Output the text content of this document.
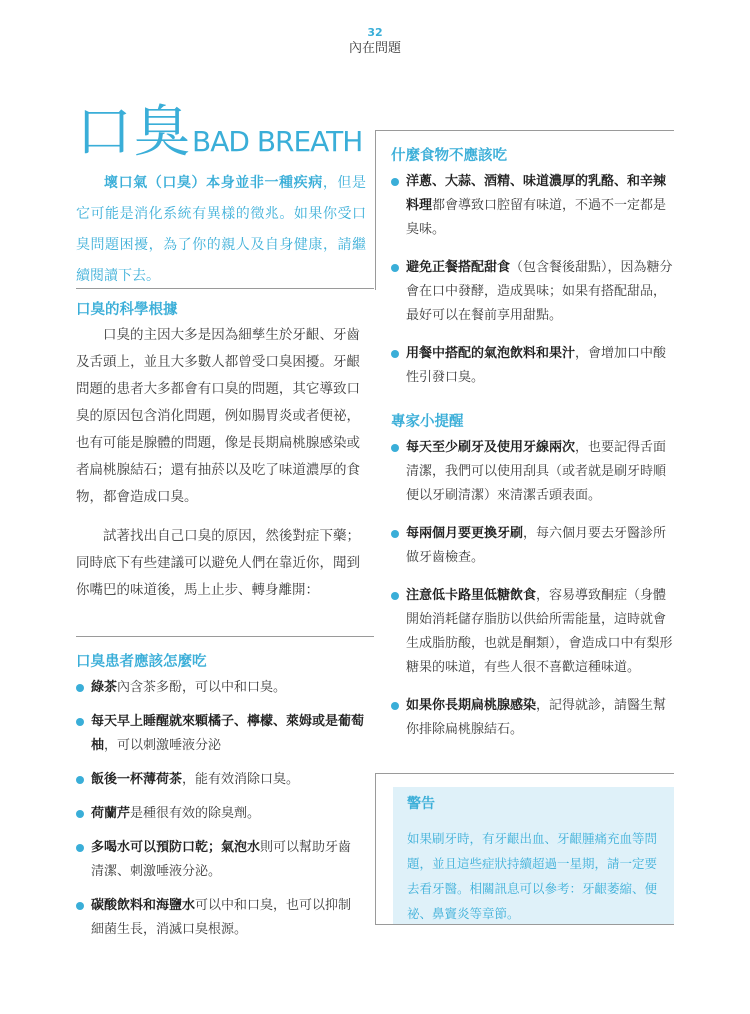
32
內在問題
口臭BAD BREATH
壞口氣（口臭）本身並非一種疾病，但是它可能是消化系統有異樣的徵兆。如果你受口臭問題困擾，為了你的親人及自身健康，請繼續閱讀下去。
口臭的科學根據

口臭的主因大多是因為細孳生於牙齦、牙齒及舌頭上，並且大多數人都曾受口臭困擾。牙齦問題的患者大多都會有口臭的問題，其它導致口臭的原因包含消化問題，例如腸胃炎或者便祕，也有可能是腺體的問題，像是長期扁桃腺感染或者扁桃腺結石；還有抽菸以及吃了味道濃厚的食物，都會造成口臭。

試著找出自己口臭的原因，然後對症下藥；同時底下有些建議可以避免人們在靠近你，聞到你嘴巴的味道後，馬上止步、轉身離開：

口臭患者應該怎麼吃
綠茶內含茶多酚，可以中和口臭。
每天早上睡醒就來顆橘子、檸檬、萊姆或是葡萄柚，可以刺激唾液分泌
飯後一杯薄荷茶，能有效消除口臭。
荷蘭芹是種很有效的除臭劑。
多喝水可以預防口乾；氣泡水則可以幫助牙齒清潔、刺激唾液分泌。
碳酸飲料和海鹽水可以中和口臭，也可以抑制細菌生長，消滅口臭根源。
什麼食物不應該吃
洋蔥、大蒜、酒精、味道濃厚的乳酪、和辛辣料理都會導致口腔留有味道，不過不一定都是臭味。
避免正餐搭配甜食（包含餐後甜點），因為糖分會在口中發酵，造成異味；如果有搭配甜品，最好可以在餐前享用甜點。
用餐中搭配的氣泡飲料和果汁，會增加口中酸性引發口臭。
專家小提醒
每天至少刷牙及使用牙線兩次，也要記得舌面清潔，我們可以使用刮具（或者就是刷牙時順便以牙刷清潔）來清潔舌頭表面。
每兩個月要更換牙刷，每六個月要去牙醫診所做牙齒檢查。
注意低卡路里低糖飲食，容易導致酮症（身體開始消耗儲存脂肪以供給所需能量，這時就會生成脂肪酸，也就是酮類），會造成口中有梨形糖果的味道，有些人很不喜歡這種味道。
如果你長期扁桃腺感染，記得就診，請醫生幫你排除扁桃腺結石。
警告
如果刷牙時，有牙齦出血、牙齦腫痛充血等問題，並且這些症狀持續超過一星期，請一定要去看牙醫。相關訊息可以參考：牙齦萎縮、便祕、鼻竇炎等章節。
